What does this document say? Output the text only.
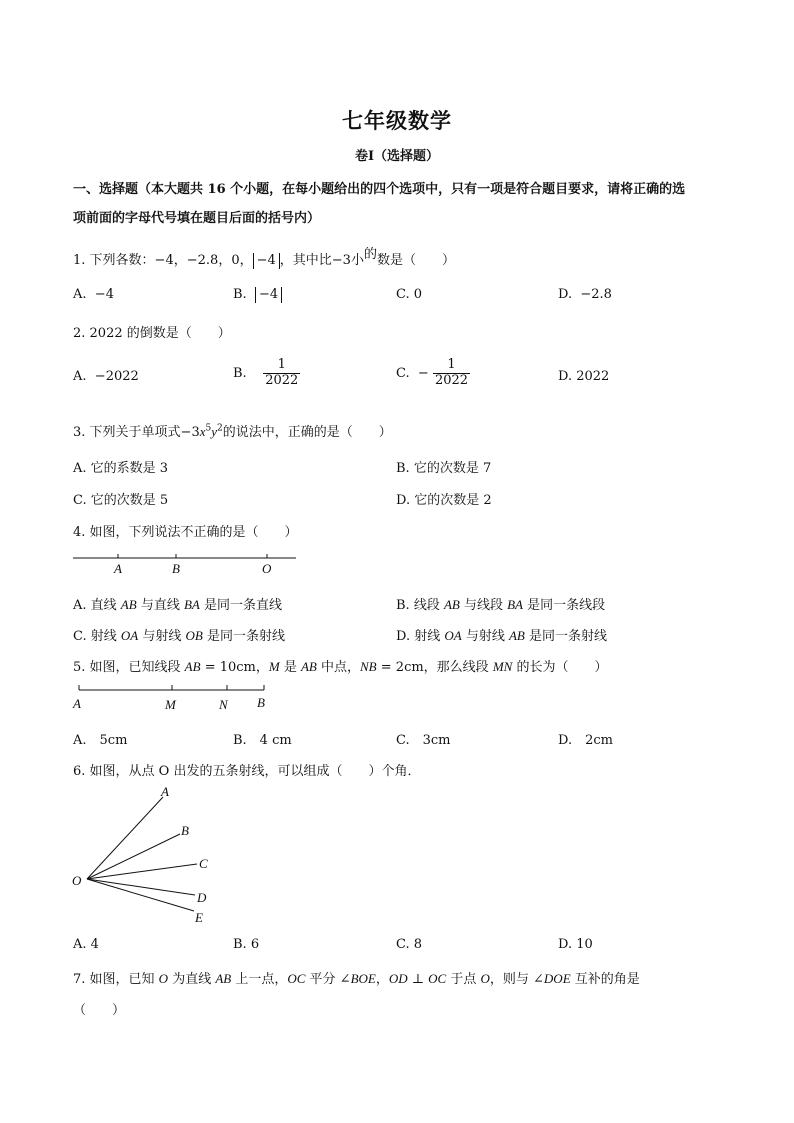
七年级数学
卷Ⅰ（选择题）
一、选择题（本大题共 16 个小题，在每小题给出的四个选项中，只有一项是符合题目要求，请将正确的选
项前面的字母代号填在题目后面的括号内）
1. 下列各数：−4，−2.8，0， −4 ，其中比−3小的数是（　　）
A. −4	B. −4	C. 0	D. −2.8
2. 2022 的倒数是（　　）
A. −2022	B. $\frac{1}{2022}$	C. − $\frac{1}{2022}$	D. 2022
3. 下列关于单项式$-3x^5y^2$的说法中，正确的是（　　）
A. 它的系数是 3	B. 它的次数是 7
C. 它的次数是 5	D. 它的次数是 2
4. 如图，下列说法不正确的是（　　）
A	B	O
A. 直线 AB 与直线 BA 是同一条直线	B. 线段 AB 与线段 BA 是同一条线段
C. 射线 OA 与射线 OB 是同一条射线	D. 射线 OA 与射线 AB 是同一条射线
5. 如图，已知线段 AB = 10cm，M 是 AB 中点，NB = 2cm，那么线段 MN 的长为（　　）
A	M	N B
A.　5cm	B.　4 cm	C.　3cm	D.　2cm
6. 如图，从点 O 出发的五条射线，可以组成（　　）个角．
A
B
C
D
E
O
A. 4	B. 6	C. 8	D. 10
7. 如图，已知 O 为直线 AB 上一点，OC 平分 ∠BOE，OD ⊥ OC 于点 O，则与 ∠DOE 互补的角是
（　　）
